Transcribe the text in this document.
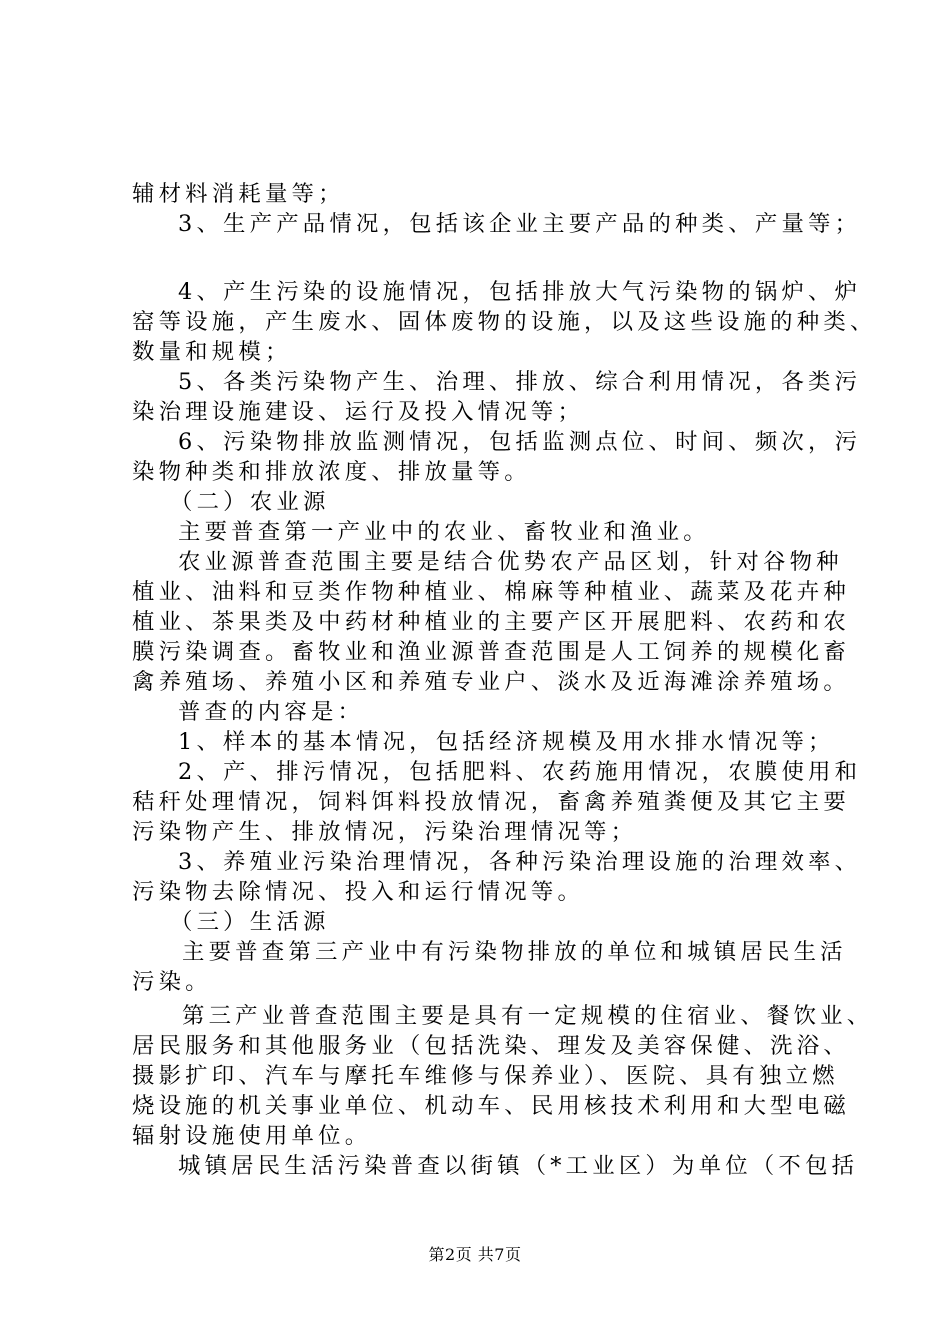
辅材料消耗量等；
3、生产产品情况，包括该企业主要产品的种类、产量等；
4、产生污染的设施情况，包括排放大气污染物的锅炉、炉
窑等设施，产生废水、固体废物的设施，以及这些设施的种类、
数量和规模；
5、各类污染物产生、治理、排放、综合利用情况，各类污
染治理设施建设、运行及投入情况等；
6、污染物排放监测情况，包括监测点位、时间、频次，污
染物种类和排放浓度、排放量等。
（二）农业源
主要普查第一产业中的农业、畜牧业和渔业。
农业源普查范围主要是结合优势农产品区划，针对谷物种
植业、油料和豆类作物种植业、棉麻等种植业、蔬菜及花卉种
植业、茶果类及中药材种植业的主要产区开展肥料、农药和农
膜污染调查。畜牧业和渔业源普查范围是人工饲养的规模化畜
禽养殖场、养殖小区和养殖专业户、淡水及近海滩涂养殖场。
普查的内容是：
1、样本的基本情况，包括经济规模及用水排水情况等；
2、产、排污情况，包括肥料、农药施用情况，农膜使用和
秸秆处理情况，饲料饵料投放情况，畜禽养殖粪便及其它主要
污染物产生、排放情况，污染治理情况等；
3、养殖业污染治理情况，各种污染治理设施的治理效率、
污染物去除情况、投入和运行情况等。
（三）生活源
主要普查第三产业中有污染物排放的单位和城镇居民生活
污染。
第三产业普查范围主要是具有一定规模的住宿业、餐饮业、
居民服务和其他服务业（包括洗染、理发及美容保健、洗浴、
摄影扩印、汽车与摩托车维修与保养业）、医院、具有独立燃
烧设施的机关事业单位、机动车、民用核技术利用和大型电磁
辐射设施使用单位。
城镇居民生活污染普查以街镇（*工业区）为单位（不包括
第2页 共7页
